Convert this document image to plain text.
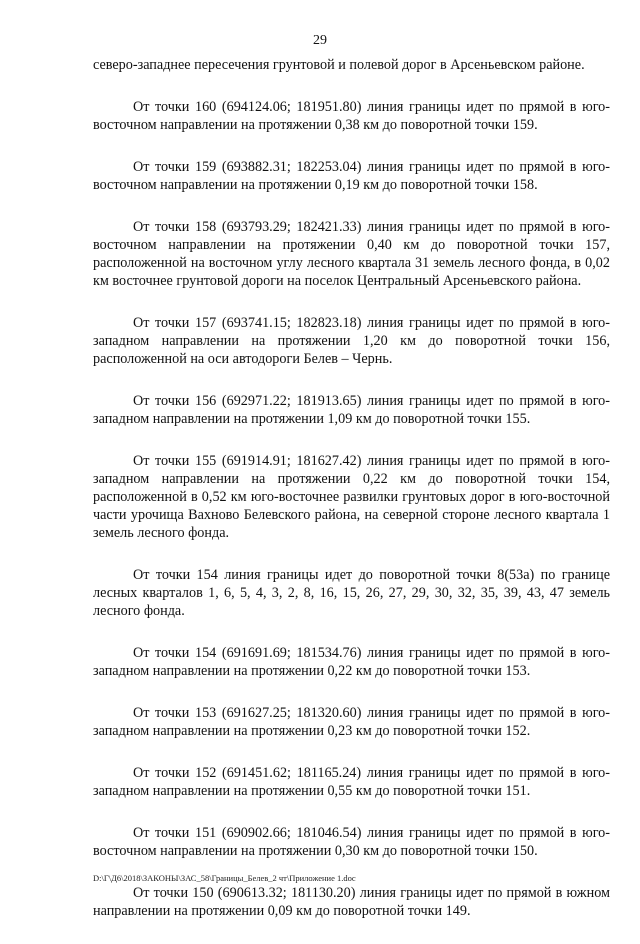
29

северо-западнее пересечения грунтовой и полевой дорог в Арсеньевском районе.

От точки 160 (694124.06; 181951.80) линия границы идет по прямой в юго-восточном направлении на протяжении 0,38 км до поворотной точки 159.

От точки 159 (693882.31; 182253.04) линия границы идет по прямой в юго-восточном направлении на протяжении 0,19 км до поворотной точки 158.

От точки 158 (693793.29; 182421.33) линия границы идет по прямой в юго-восточном направлении на протяжении 0,40 км до поворотной точки 157, расположенной на восточном углу лесного квартала 31 земель лесного фонда, в 0,02 км восточнее грунтовой дороги на поселок Центральный Арсеньевского района.

От точки 157 (693741.15; 182823.18) линия границы идет по прямой в юго-западном направлении на протяжении 1,20 км до поворотной точки 156, расположенной на оси автодороги Белев – Чернь.

От точки 156 (692971.22; 181913.65) линия границы идет по прямой в юго-западном направлении на протяжении 1,09 км до поворотной точки 155.

От точки 155 (691914.91; 181627.42) линия границы идет по прямой в юго-западном направлении на протяжении 0,22 км до поворотной точки 154, расположенной в 0,52 км юго-восточнее развилки грунтовых дорог в юго-восточной части урочища Вахново Белевского района, на северной стороне лесного квартала 1 земель лесного фонда.

От точки 154 линия границы идет до поворотной точки 8(53а) по границе лесных кварталов 1, 6, 5, 4, 3, 2, 8, 16, 15, 26, 27, 29, 30, 32, 35, 39, 43, 47 земель лесного фонда.

От точки 154 (691691.69; 181534.76) линия границы идет по прямой в юго-западном направлении на протяжении 0,22 км до поворотной точки 153.

От точки 153 (691627.25; 181320.60) линия границы идет по прямой в юго-западном направлении на протяжении 0,23 км до поворотной точки 152.

От точки 152 (691451.62; 181165.24) линия границы идет по прямой в юго-западном направлении на протяжении 0,55 км до поворотной точки 151.

От точки 151 (690902.66; 181046.54) линия границы идет по прямой в юго-восточном направлении на протяжении 0,30 км до поворотной точки 150.

От точки 150 (690613.32; 181130.20) линия границы идет по прямой в южном направлении на протяжении 0,09 км до поворотной точки 149.

D:\Г\Д6\2018\ЗАКОНЫ\ЗАС_58\Границы_Белев_2 чт\Приложение 1.doc
